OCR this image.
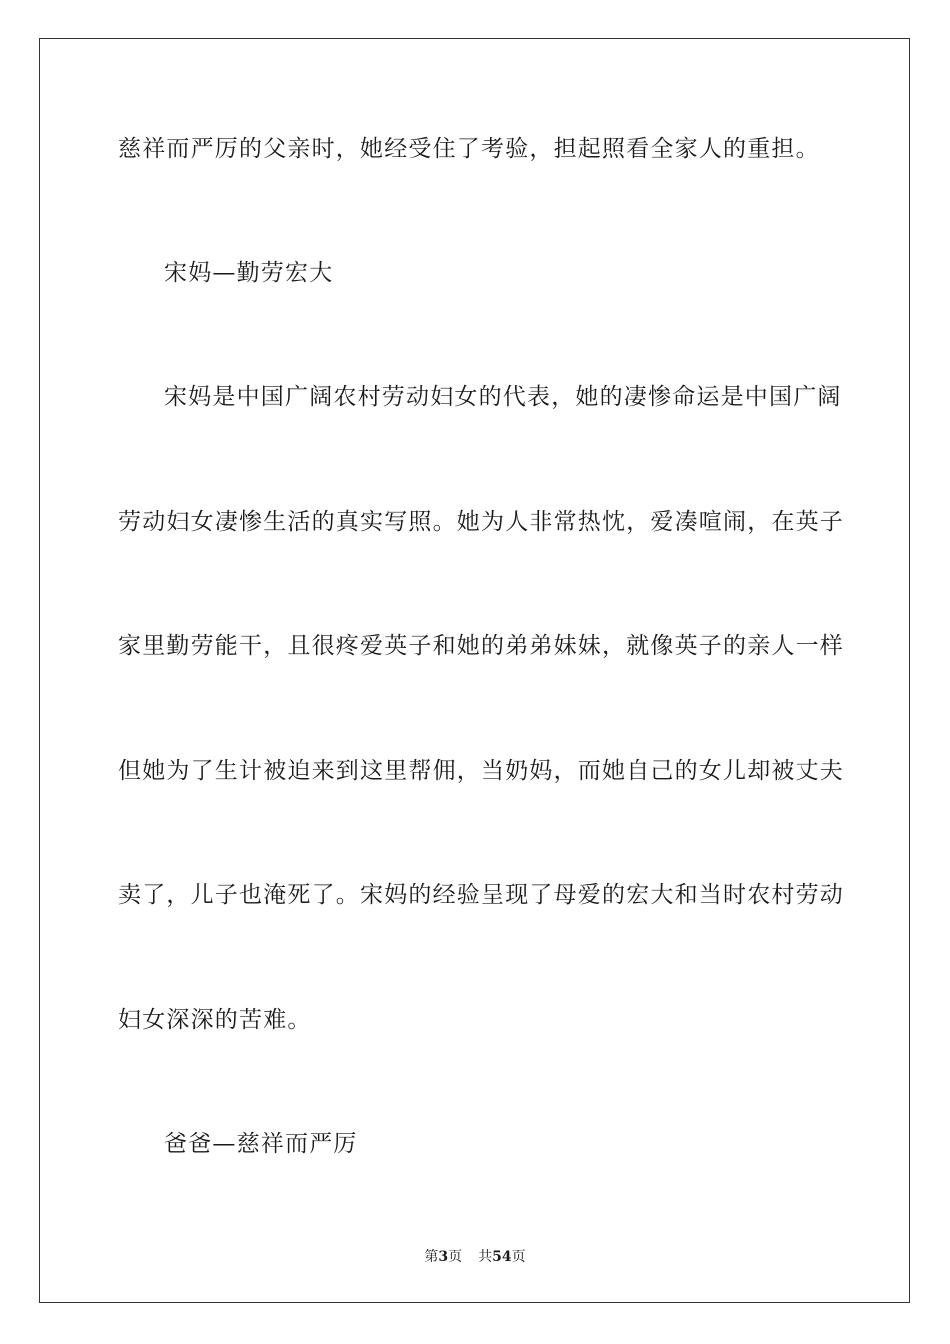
慈祥而严厉的父亲时，她经受住了考验，担起照看全家人的重担。
宋妈—勤劳宏大
宋妈是中国广阔农村劳动妇女的代表，她的凄惨命运是中国广阔
劳动妇女凄惨生活的真实写照。她为人非常热忱，爱凑喧闹，在英子
家里勤劳能干，且很疼爱英子和她的弟弟妹妹，就像英子的亲人一样
但她为了生计被迫来到这里帮佣，当奶妈，而她自己的女儿却被丈夫
卖了，儿子也淹死了。宋妈的经验呈现了母爱的宏大和当时农村劳动
妇女深深的苦难。
爸爸—慈祥而严厉
第3页 共54页
